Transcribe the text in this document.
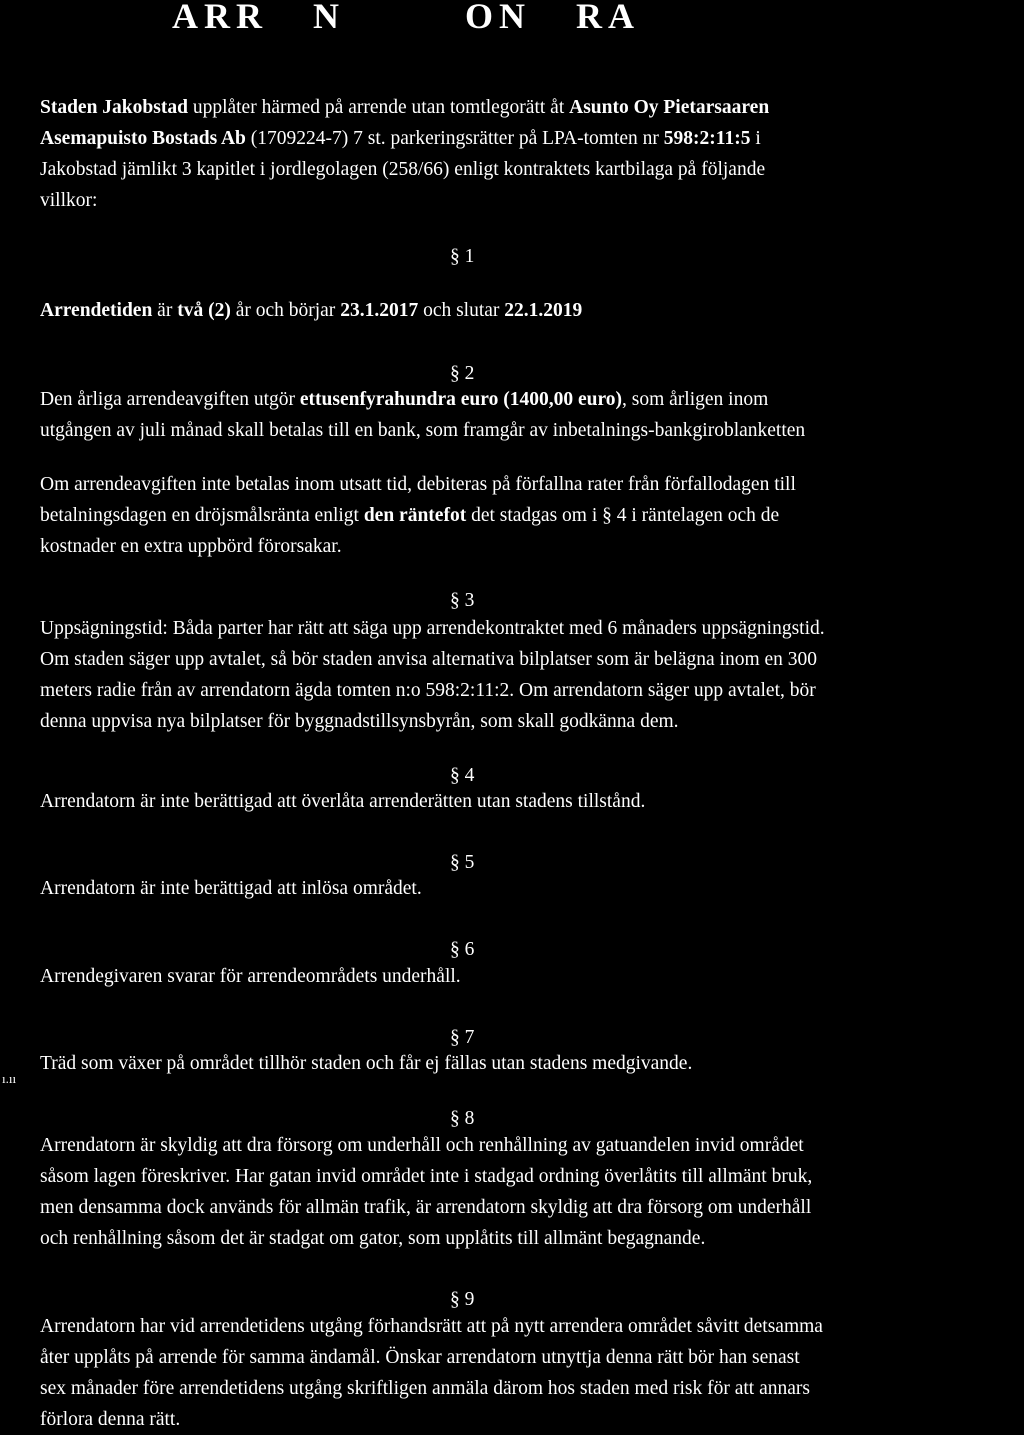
ARR   N        ON   RA
Staden Jakobstad upplåter härmed på arrende utan tomtlegorätt åt Asunto Oy Pietarsaaren
Asemapuisto Bostads Ab (1709224-7) 7 st. parkeringsrätter på LPA-tomten nr 598:2:11:5 i
Jakobstad jämlikt 3 kapitlet i jordlegolagen (258/66) enligt kontraktets kartbilaga på följande
villkor:
§ 1
Arrendetiden är två (2) år och börjar 23.1.2017 och slutar 22.1.2019
§ 2
Den årliga arrendeavgiften utgör ettusenfyrahundra euro (1400,00 euro), som årligen inom
utgången av juli månad skall betalas till en bank, som framgår av inbetalnings-bankgiroblanketten
Om arrendeavgiften inte betalas inom utsatt tid, debiteras på förfallna rater från förfallodagen till
betalningsdagen en dröjsmålsränta enligt den räntefot det stadgas om i § 4 i räntelagen och de
kostnader en extra uppbörd förorsakar.
§ 3
Uppsägningstid: Båda parter har rätt att säga upp arrendekontraktet med 6 månaders uppsägningstid.
Om staden säger upp avtalet, så bör staden anvisa alternativa bilplatser som är belägna inom en 300
meters radie från av arrendatorn ägda tomten n:o 598:2:11:2. Om arrendatorn säger upp avtalet, bör
denna uppvisa nya bilplatser för byggnadstillsynsbyrån, som skall godkänna dem.
§ 4
Arrendatorn är inte berättigad att överlåta arrenderätten utan stadens tillstånd.
§ 5
Arrendatorn är inte berättigad att inlösa området.
§ 6
Arrendegivaren svarar för arrendeområdets underhåll.
ı.ıı
§ 7
Träd som växer på området tillhör staden och får ej fällas utan stadens medgivande.
§ 8
Arrendatorn är skyldig att dra försorg om underhåll och renhållning av gatuandelen invid området
såsom lagen föreskriver. Har gatan invid området inte i stadgad ordning överlåtits till allmänt bruk,
men densamma dock används för allmän trafik, är arrendatorn skyldig att dra försorg om underhåll
och renhållning såsom det är stadgat om gator, som upplåtits till allmänt begagnande.
§ 9
Arrendatorn har vid arrendetidens utgång förhandsrätt att på nytt arrendera området såvitt detsamma
åter upplåts på arrende för samma ändamål. Önskar arrendatorn utnyttja denna rätt bör han senast
sex månader före arrendetidens utgång skriftligen anmäla därom hos staden med risk för att annars
förlora denna rätt.
